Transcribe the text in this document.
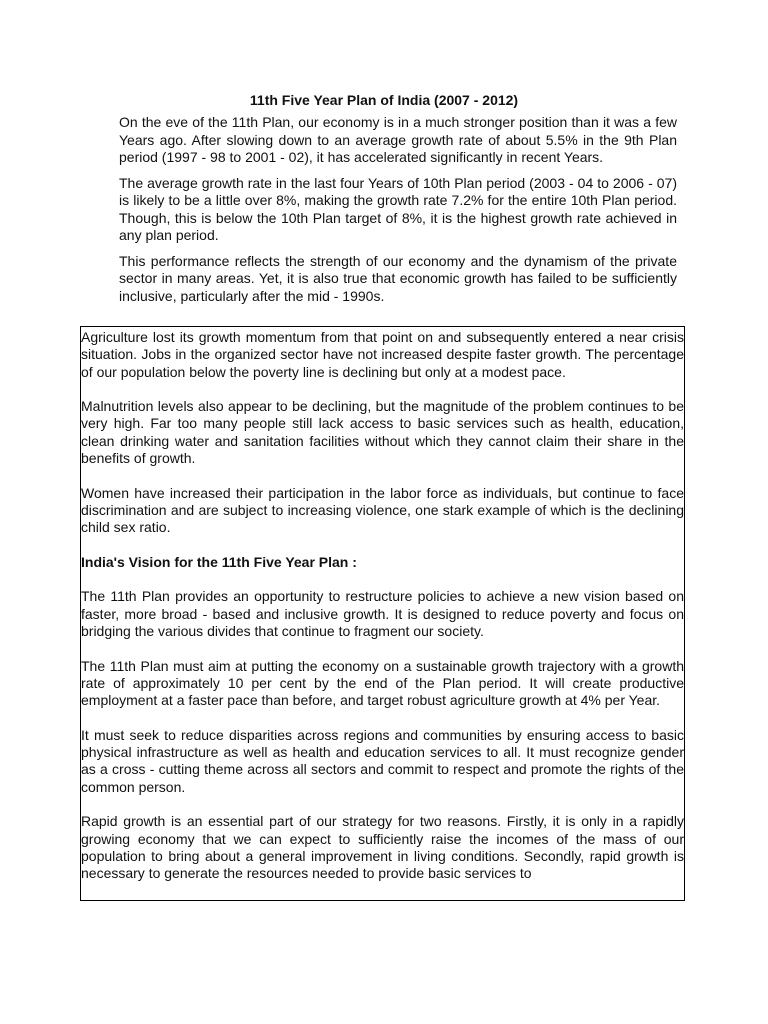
11th Five Year Plan of India (2007 - 2012)

On the eve of the 11th Plan, our economy is in a much stronger position than it was a few Years ago. After slowing down to an average growth rate of about 5.5% in the 9th Plan period (1997 - 98 to 2001 - 02), it has accelerated significantly in recent Years.

The average growth rate in the last four Years of 10th Plan period (2003 - 04 to 2006 - 07) is likely to be a little over 8%, making the growth rate 7.2% for the entire 10th Plan period. Though, this is below the 10th Plan target of 8%, it is the highest growth rate achieved in any plan period.

This performance reflects the strength of our economy and the dynamism of the private sector in many areas. Yet, it is also true that economic growth has failed to be sufficiently inclusive, particularly after the mid - 1990s.

Agriculture lost its growth momentum from that point on and subsequently entered a near crisis situation. Jobs in the organized sector have not increased despite faster growth. The percentage of our population below the poverty line is declining but only at a modest pace.

Malnutrition levels also appear to be declining, but the magnitude of the problem continues to be very high. Far too many people still lack access to basic services such as health, education, clean drinking water and sanitation facilities without which they cannot claim their share in the benefits of growth.

Women have increased their participation in the labor force as individuals, but continue to face discrimination and are subject to increasing violence, one stark example of which is the declining child sex ratio.

India's Vision for the 11th Five Year Plan :

The 11th Plan provides an opportunity to restructure policies to achieve a new vision based on faster, more broad - based and inclusive growth. It is designed to reduce poverty and focus on bridging the various divides that continue to fragment our society.

The 11th Plan must aim at putting the economy on a sustainable growth trajectory with a growth rate of approximately 10 per cent by the end of the Plan period. It will create productive employment at a faster pace than before, and target robust agriculture growth at 4% per Year.

It must seek to reduce disparities across regions and communities by ensuring access to basic physical infrastructure as well as health and education services to all. It must recognize gender as a cross - cutting theme across all sectors and commit to respect and promote the rights of the common person.

Rapid growth is an essential part of our strategy for two reasons. Firstly, it is only in a rapidly growing economy that we can expect to sufficiently raise the incomes of the mass of our population to bring about a general improvement in living conditions. Secondly, rapid growth is necessary to generate the resources needed to provide basic services to
